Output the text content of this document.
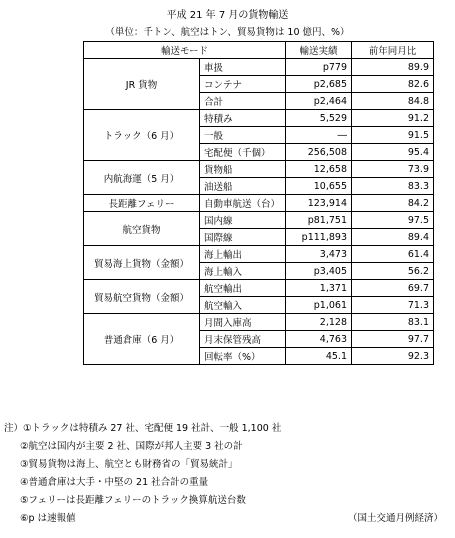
平成 21 年 7 月の貨物輸送
（単位：千トン、航空はトン、貿易貨物は 10 億円、%）
輸送モード		輸送実績	前年同月比
JR 貨物	車扱	p779	89.9
	コンテナ	p2,685	82.6
	合計	p2,464	84.8
トラック（6 月）	特積み	5,529	91.2
	一般	―	91.5
	宅配便（千個）	256,508	95.4
内航海運（5 月）	貨物船	12,658	73.9
	油送船	10,655	83.3
長距離フェリー	自動車航送（台）	123,914	84.2
航空貨物	国内線	p81,751	97.5
	国際線	p111,893	89.4
貿易海上貨物（金額）	海上輸出	3,473	61.4
	海上輸入	p3,405	56.2
貿易航空貨物（金額）	航空輸出	1,371	69.7
	航空輸入	p1,061	71.3
普通倉庫（6 月）	月間入庫高	2,128	83.1
	月末保管残高	4,763	97.7
	回転率（%）	45.1	92.3
注）①トラックは特積み 27 社、宅配便 19 社計、一般 1,100 社
②航空は国内が主要 2 社、国際が邦人主要 3 社の計
③貿易貨物は海上、航空とも財務省の「貿易統計」
④普通倉庫は大手・中堅の 21 社合計の重量
⑤フェリーは長距離フェリーのトラック換算航送台数
⑥p は速報値	（国土交通月例経済）
